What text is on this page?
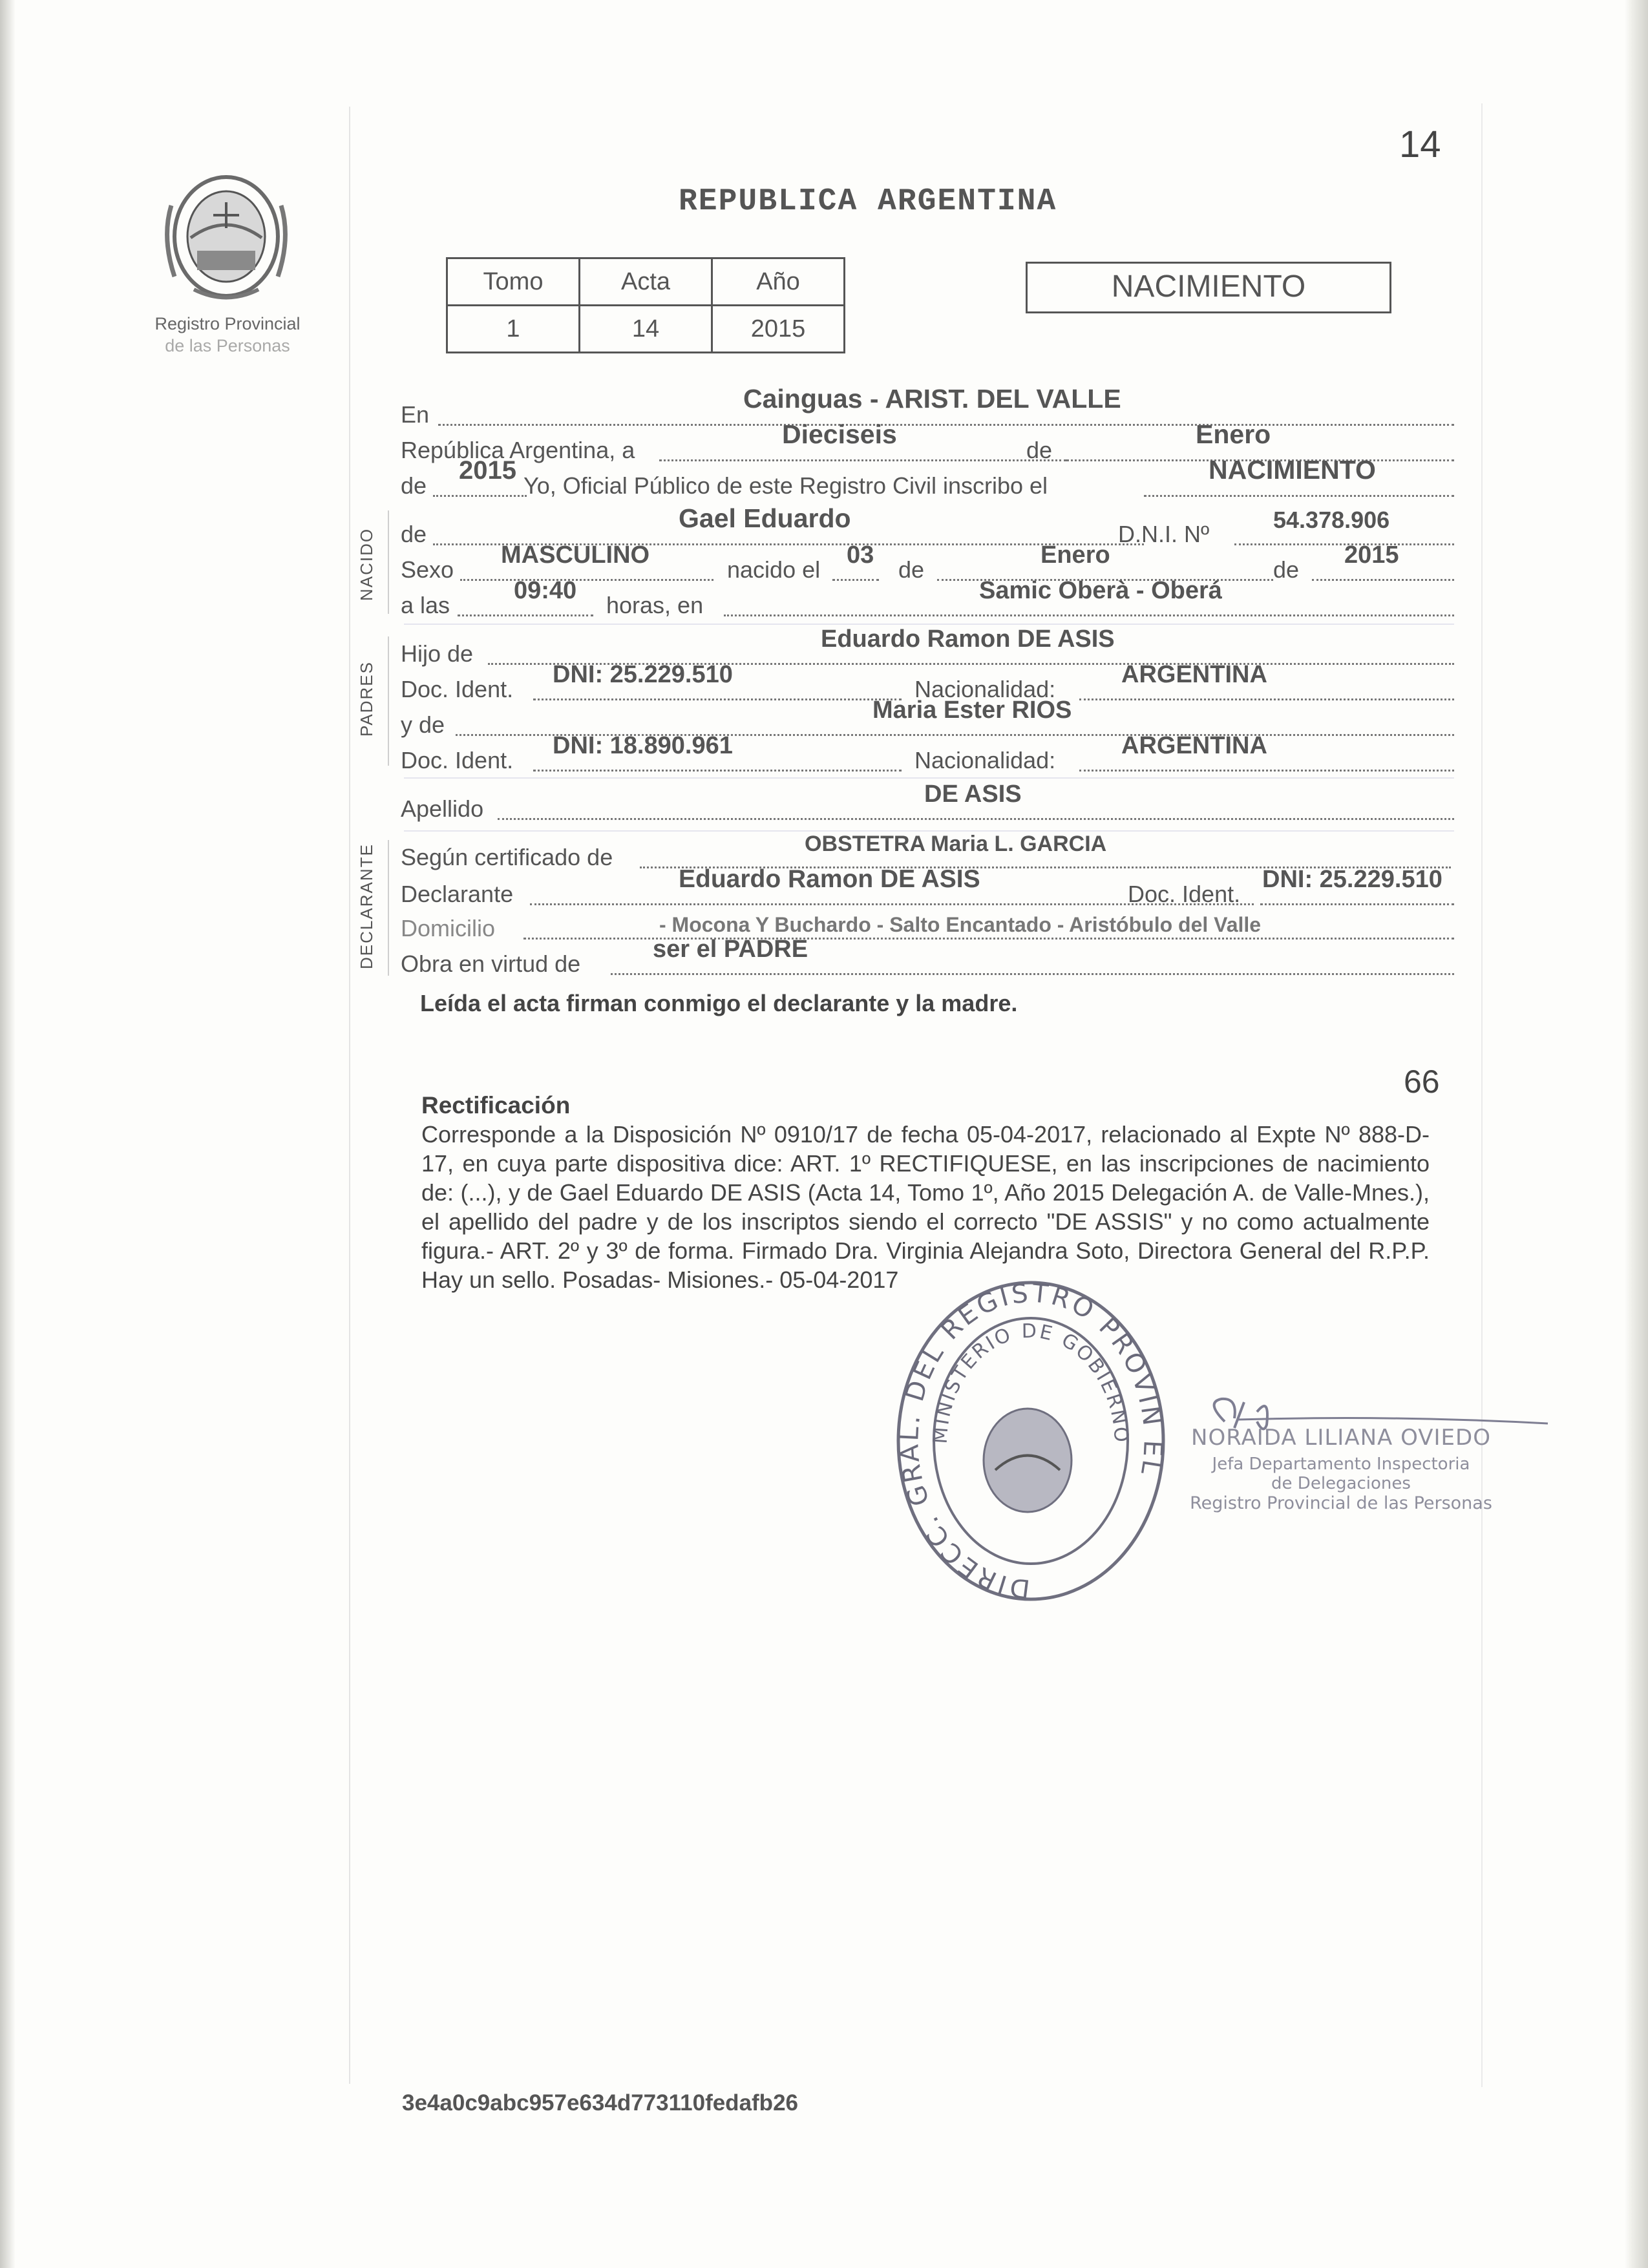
Registro Provincial
de las Personas
14
REPUBLICA ARGENTINA
Tomo	Acta	Año
1	14	2015
NACIMIENTO
En
Cainguas - ARIST. DEL VALLE
República Argentina, a
Dieciseis
de
Enero
de
2015
Yo, Oficial Público de este Registro Civil inscribo el
NACIMIENTO
NACIDO de
Gael Eduardo
D.N.I. Nº
54.378.906
Sexo
MASCULINO
nacido el
03
de
Enero
de
2015
a las
09:40
horas, en
Samic Oberà - Oberá
PADRES
Hijo de
Eduardo Ramon DE ASIS
Doc. Ident.
DNI: 25.229.510
Nacionalidad:
ARGENTINA
y de
Maria Ester RIOS
Doc. Ident.
DNI: 18.890.961
Nacionalidad:
ARGENTINA
Apellido
DE ASIS
DECLARANTE Según certificado de	OBSTETRA Maria L. GARCIA
Declarante
Eduardo Ramon DE ASIS
Doc. Ident.
DNI: 25.229.510
Domicilio	- Mocona Y Buchardo - Salto Encantado - Aristóbulo del Valle
Obra en virtud de
ser el PADRE
Leída el acta firman conmigo el declarante y la madre.
66
Rectificación
Corresponde a la Disposición Nº 0910/17 de fecha 05-04-2017, relacionado al Expte Nº 888-D-17, en cuya parte dispositiva dice: ART. 1º RECTIFIQUESE, en las inscripciones de nacimiento de: (...), y de Gael Eduardo DE ASIS (Acta 14, Tomo 1º, Año 2015 Delegación A. de Valle-Mnes.), el apellido del padre y de los inscriptos siendo el correcto "DE ASSIS" y no como actualmente figura.- ART. 2º y 3º de forma. Firmado Dra. Virginia Alejandra Soto, Directora General del R.P.P. Hay un sello. Posadas- Misiones.- 05-04-2017
DIRECC. GRAL. DEL REGISTRO PROVIN EL
MINISTERIO DE GOBIERNO	NORAIDA LILIANA OVIEDO
Jefa Departamento Inspectoria
de Delegaciones
Registro Provincial de las Personas
3e4a0c9abc957e634d773110fedafb26
